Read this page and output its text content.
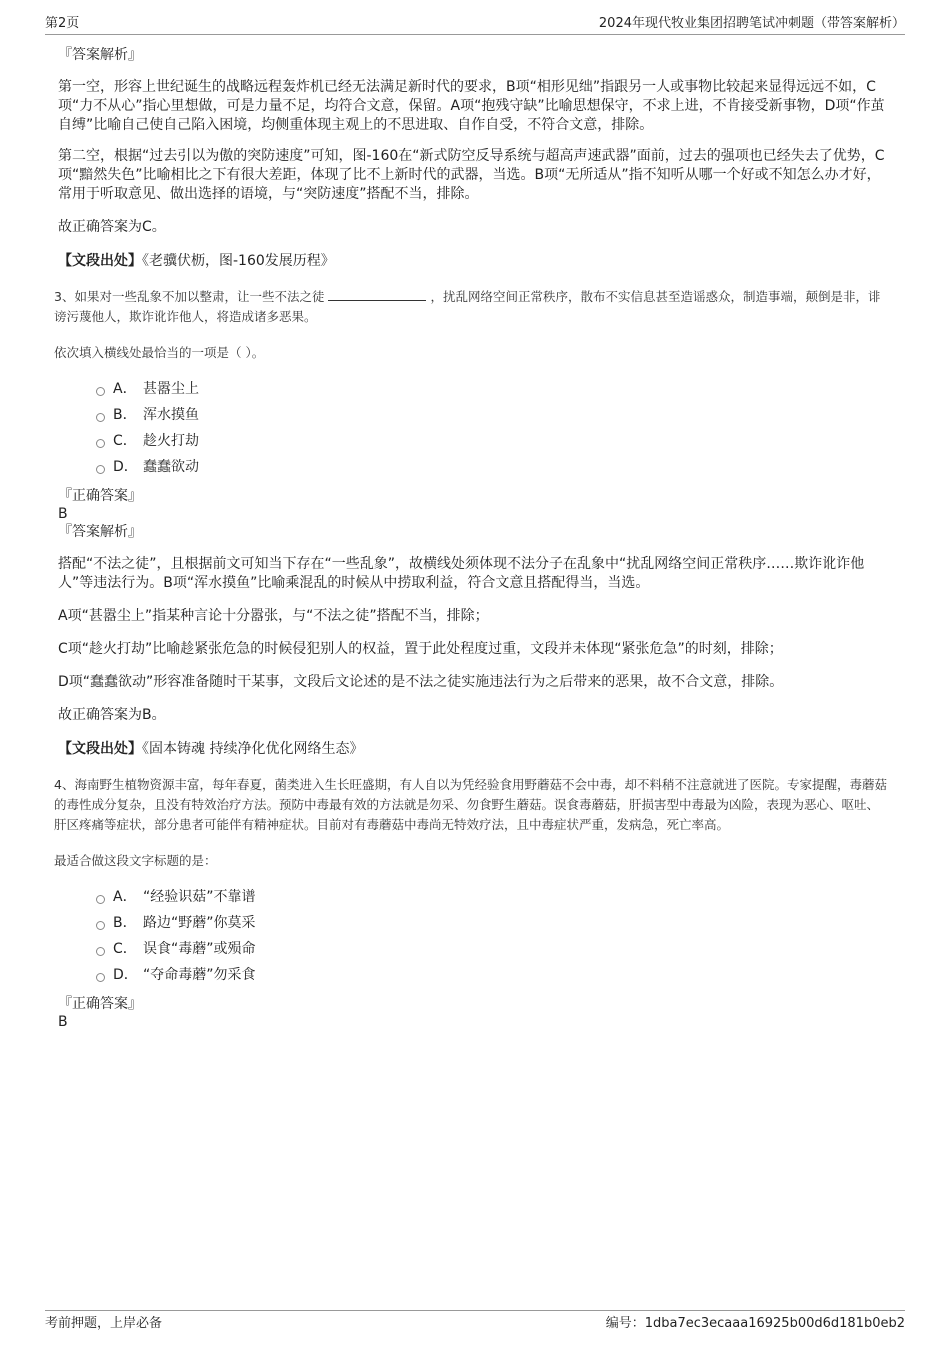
第2页	2024年现代牧业集团招聘笔试冲刺题（带答案解析）

『答案解析』

第一空，形容上世纪诞生的战略远程轰炸机已经无法满足新时代的要求，B项“相形见绌”指跟另一人或事物比较起来显得远远不如，C项“力不从心”指心里想做，可是力量不足，均符合文意，保留。A项“抱残守缺”比喻思想保守，不求上进，不肯接受新事物，D项“作茧自缚”比喻自己使自己陷入困境，均侧重体现主观上的不思进取、自作自受，不符合文意，排除。

第二空，根据“过去引以为傲的突防速度”可知，图-160在“新式防空反导系统与超高声速武器”面前，过去的强项也已经失去了优势，C项“黯然失色”比喻相比之下有很大差距，体现了比不上新时代的武器，当选。B项“无所适从”指不知听从哪一个好或不知怎么办才好，常用于听取意见、做出选择的语境，与“突防速度”搭配不当，排除。

故正确答案为C。

【文段出处】《老骥伏枥，图-160发展历程》

3、如果对一些乱象不加以整肃，让一些不法之徒	，扰乱网络空间正常秩序，散布不实信息甚至造谣惑众，制造事端，颠倒是非，诽谤污蔑他人，欺诈讹诈他人，将造成诸多恶果。

依次填入横线处最恰当的一项是（ ）。

A． 甚嚣尘上
B． 浑水摸鱼
C． 趁火打劫
D． 蠢蠢欲动

『正确答案』

B

『答案解析』

搭配“不法之徒”，且根据前文可知当下存在“一些乱象”，故横线处须体现不法分子在乱象中“扰乱网络空间正常秩序……欺诈讹诈他人”等违法行为。B项“浑水摸鱼”比喻乘混乱的时候从中捞取利益，符合文意且搭配得当，当选。

A项“甚嚣尘上”指某种言论十分嚣张，与“不法之徒”搭配不当，排除；

C项“趁火打劫”比喻趁紧张危急的时候侵犯别人的权益，置于此处程度过重，文段并未体现“紧张危急”的时刻，排除；

D项“蠢蠢欲动”形容准备随时干某事，文段后文论述的是不法之徒实施违法行为之后带来的恶果，故不合文意，排除。

故正确答案为B。

【文段出处】《固本铸魂 持续净化优化网络生态》

4、海南野生植物资源丰富，每年春夏，菌类进入生长旺盛期，有人自以为凭经验食用野蘑菇不会中毒，却不料稍不注意就进了医院。专家提醒，毒蘑菇的毒性成分复杂，且没有特效治疗方法。预防中毒最有效的方法就是勿采、勿食野生蘑菇。误食毒蘑菇，肝损害型中毒最为凶险，表现为恶心、呕吐、肝区疼痛等症状，部分患者可能伴有精神症状。目前对有毒蘑菇中毒尚无特效疗法，且中毒症状严重，发病急，死亡率高。

最适合做这段文字标题的是：

A． “经验识菇”不靠谱
B． 路边“野蘑”你莫采
C． 误食“毒蘑”或殒命
D． “夺命毒蘑”勿采食

『正确答案』

B

考前押题，上岸必备	编号：1dba7ec3ecaaa16925b00d6d181b0eb2
